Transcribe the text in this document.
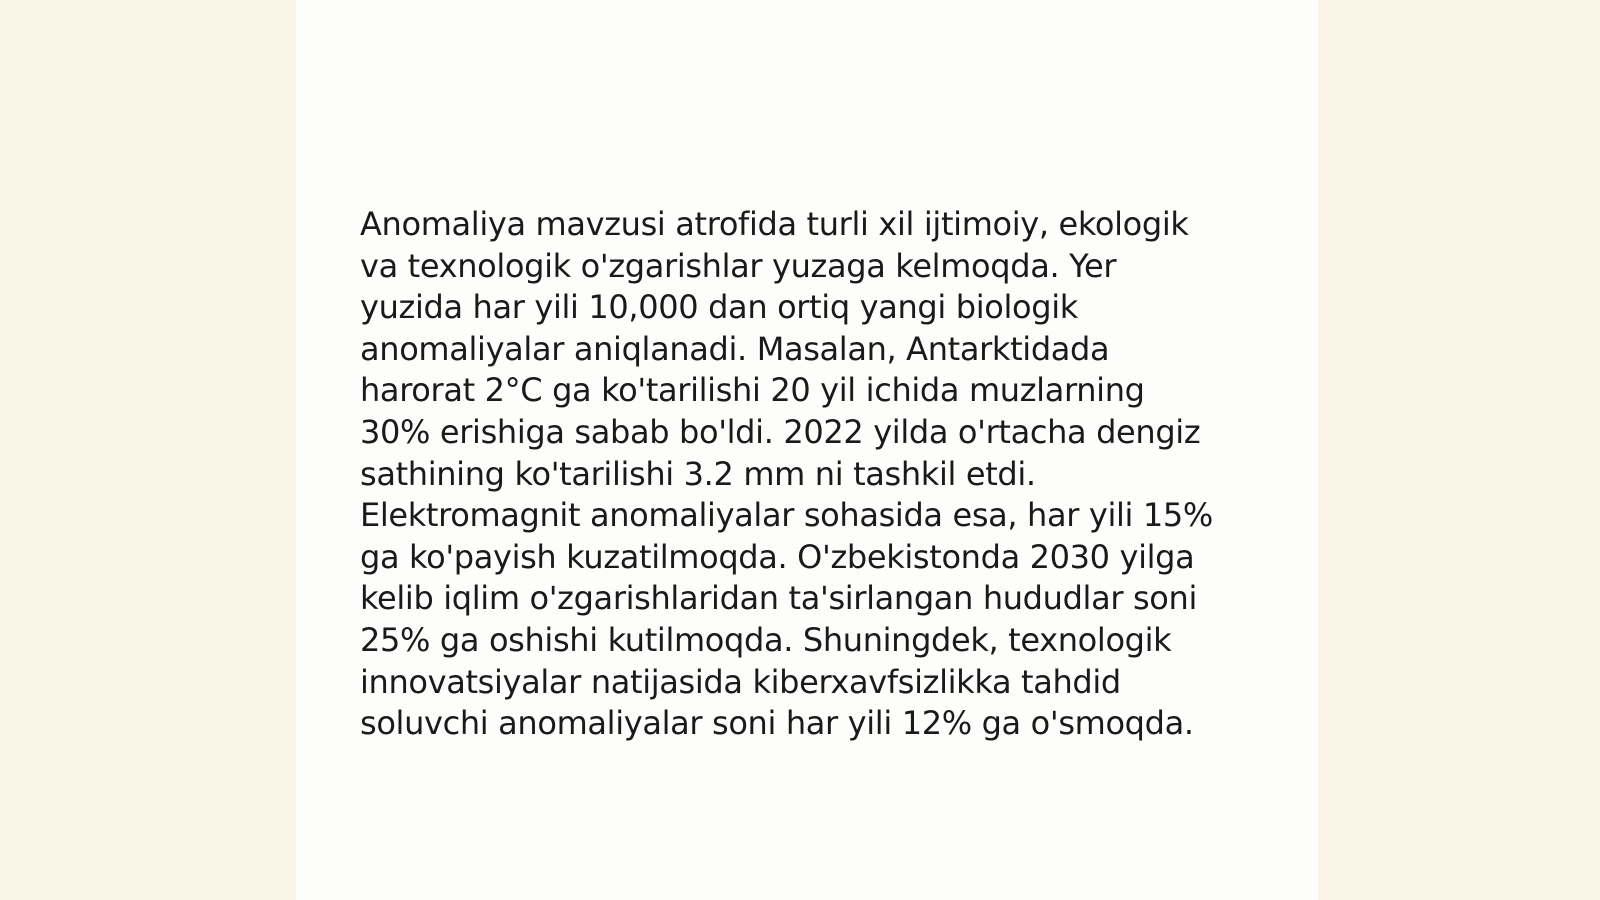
Anomaliya mavzusi atrofida turli xil ijtimoiy, ekologik
va texnologik o'zgarishlar yuzaga kelmoqda. Yer
yuzida har yili 10,000 dan ortiq yangi biologik
anomaliyalar aniqlanadi. Masalan, Antarktidada
harorat 2°C ga ko'tarilishi 20 yil ichida muzlarning
30% erishiga sabab bo'ldi. 2022 yilda o'rtacha dengiz
sathining ko'tarilishi 3.2 mm ni tashkil etdi.
Elektromagnit anomaliyalar sohasida esa, har yili 15%
ga ko'payish kuzatilmoqda. O'zbekistonda 2030 yilga
kelib iqlim o'zgarishlaridan ta'sirlangan hududlar soni
25% ga oshishi kutilmoqda. Shuningdek, texnologik
innovatsiyalar natijasida kiberxavfsizlikka tahdid
soluvchi anomaliyalar soni har yili 12% ga o'smoqda.
